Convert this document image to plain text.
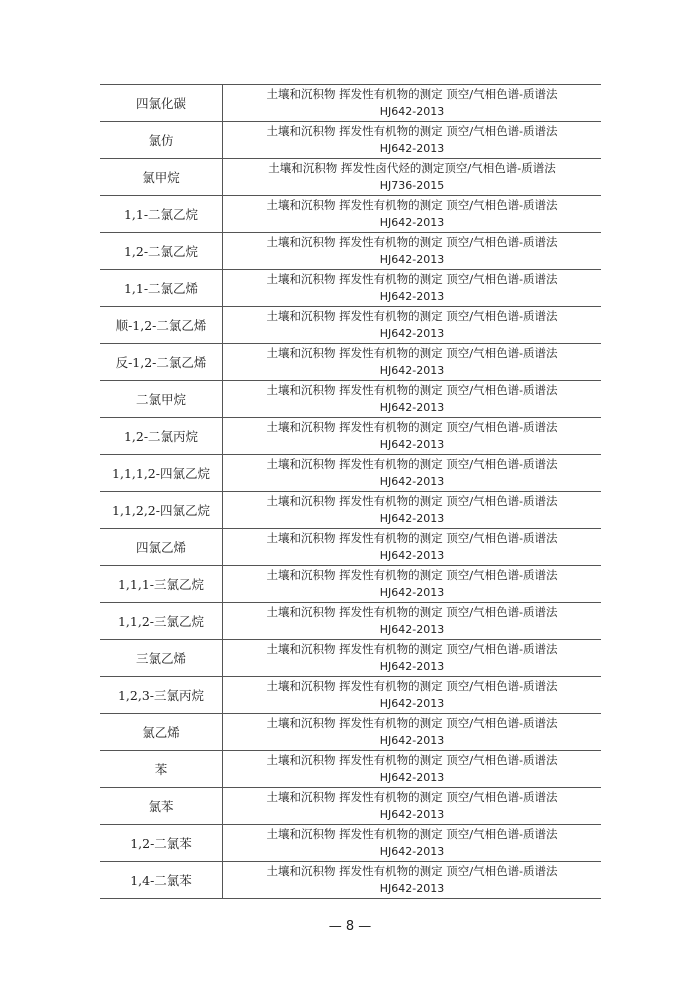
四氯化碳	土壤和沉积物 挥发性有机物的测定 顶空/气相色谱-质谱法
HJ642-2013

氯仿	土壤和沉积物 挥发性有机物的测定 顶空/气相色谱-质谱法
HJ642-2013

氯甲烷	土壤和沉积物 挥发性卤代烃的测定顶空/气相色谱-质谱法
HJ736-2015

1,1-二氯乙烷	土壤和沉积物 挥发性有机物的测定 顶空/气相色谱-质谱法
HJ642-2013

1,2-二氯乙烷	土壤和沉积物 挥发性有机物的测定 顶空/气相色谱-质谱法
HJ642-2013

1,1-二氯乙烯	土壤和沉积物 挥发性有机物的测定 顶空/气相色谱-质谱法
HJ642-2013

顺-1,2-二氯乙烯	土壤和沉积物 挥发性有机物的测定 顶空/气相色谱-质谱法
HJ642-2013

反-1,2-二氯乙烯	土壤和沉积物 挥发性有机物的测定 顶空/气相色谱-质谱法
HJ642-2013

二氯甲烷	土壤和沉积物 挥发性有机物的测定 顶空/气相色谱-质谱法
HJ642-2013

1,2-二氯丙烷	土壤和沉积物 挥发性有机物的测定 顶空/气相色谱-质谱法
HJ642-2013

1,1,1,2-四氯乙烷	土壤和沉积物 挥发性有机物的测定 顶空/气相色谱-质谱法
HJ642-2013

1,1,2,2-四氯乙烷	土壤和沉积物 挥发性有机物的测定 顶空/气相色谱-质谱法
HJ642-2013

四氯乙烯	土壤和沉积物 挥发性有机物的测定 顶空/气相色谱-质谱法
HJ642-2013

1,1,1-三氯乙烷	土壤和沉积物 挥发性有机物的测定 顶空/气相色谱-质谱法
HJ642-2013

1,1,2-三氯乙烷	土壤和沉积物 挥发性有机物的测定 顶空/气相色谱-质谱法
HJ642-2013

三氯乙烯	土壤和沉积物 挥发性有机物的测定 顶空/气相色谱-质谱法
HJ642-2013

1,2,3-三氯丙烷	土壤和沉积物 挥发性有机物的测定 顶空/气相色谱-质谱法
HJ642-2013

氯乙烯	土壤和沉积物 挥发性有机物的测定 顶空/气相色谱-质谱法
HJ642-2013

苯	土壤和沉积物 挥发性有机物的测定 顶空/气相色谱-质谱法
HJ642-2013

氯苯	土壤和沉积物 挥发性有机物的测定 顶空/气相色谱-质谱法
HJ642-2013

1,2-二氯苯	土壤和沉积物 挥发性有机物的测定 顶空/气相色谱-质谱法
HJ642-2013

1,4-二氯苯	土壤和沉积物 挥发性有机物的测定 顶空/气相色谱-质谱法
HJ642-2013
— 8 —
